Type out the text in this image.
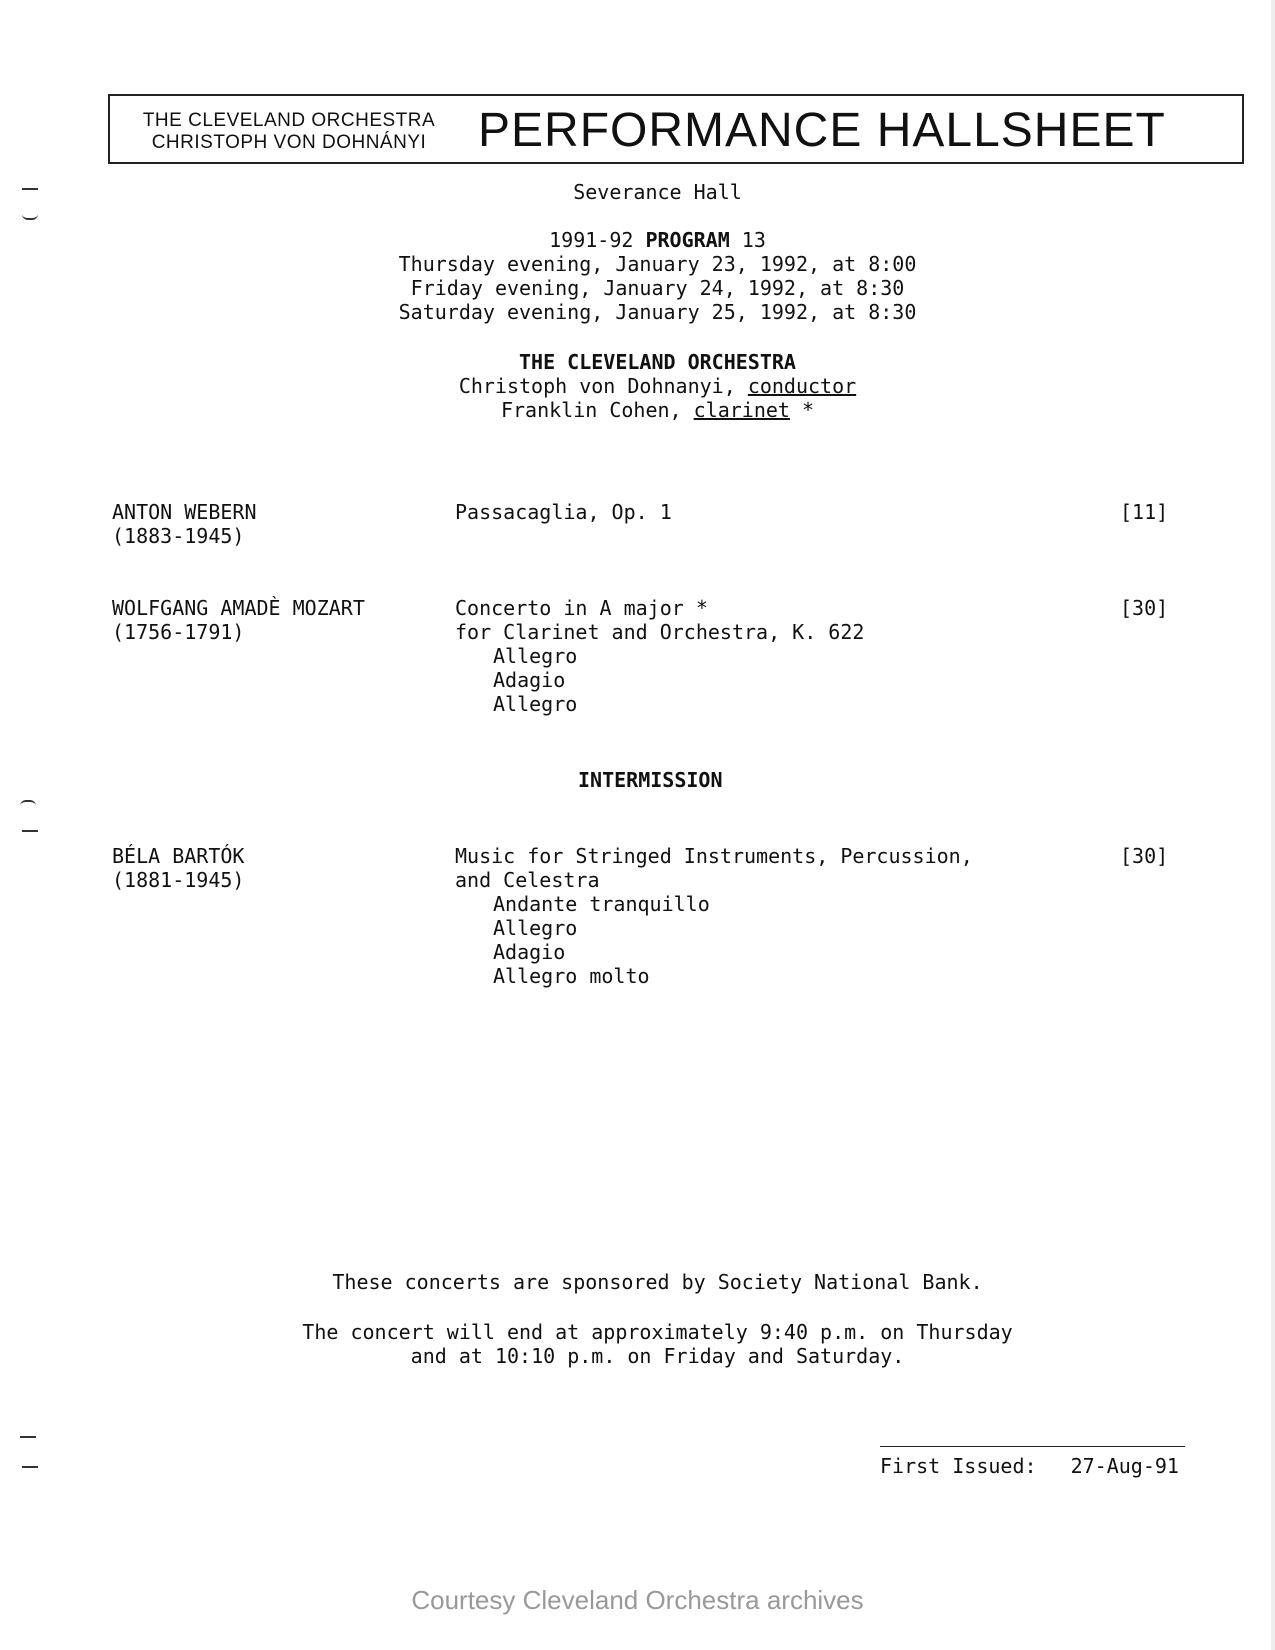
THE CLEVELAND ORCHESTRA
CHRISTOPH VON DOHNÁNYI	PERFORMANCE HALLSHEET
Severance Hall
1991-92 PROGRAM 13
Thursday evening, January 23, 1992, at 8:00
Friday evening, January 24, 1992, at 8:30
Saturday evening, January 25, 1992, at 8:30
THE CLEVELAND ORCHESTRA
Christoph von Dohnanyi, conductor
Franklin Cohen, clarinet *
ANTON WEBERN
(1883-1945)
Passacaglia, Op. 1	[11]
WOLFGANG AMADÈ MOZART
(1756-1791)
Concerto in A major *
for Clarinet and Orchestra, K. 622
Allegro
Adagio
Allegro
[30]
INTERMISSION
BÉLA BARTÓK
(1881-1945)
Music for Stringed Instruments, Percussion,
and Celestra
Andante tranquillo
Allegro
Adagio
Allegro molto
[30]
These concerts are sponsored by Society National Bank.
The concert will end at approximately 9:40 p.m. on Thursday
and at 10:10 p.m. on Friday and Saturday.
First Issued: 27-Aug-91
Courtesy Cleveland Orchestra archives
